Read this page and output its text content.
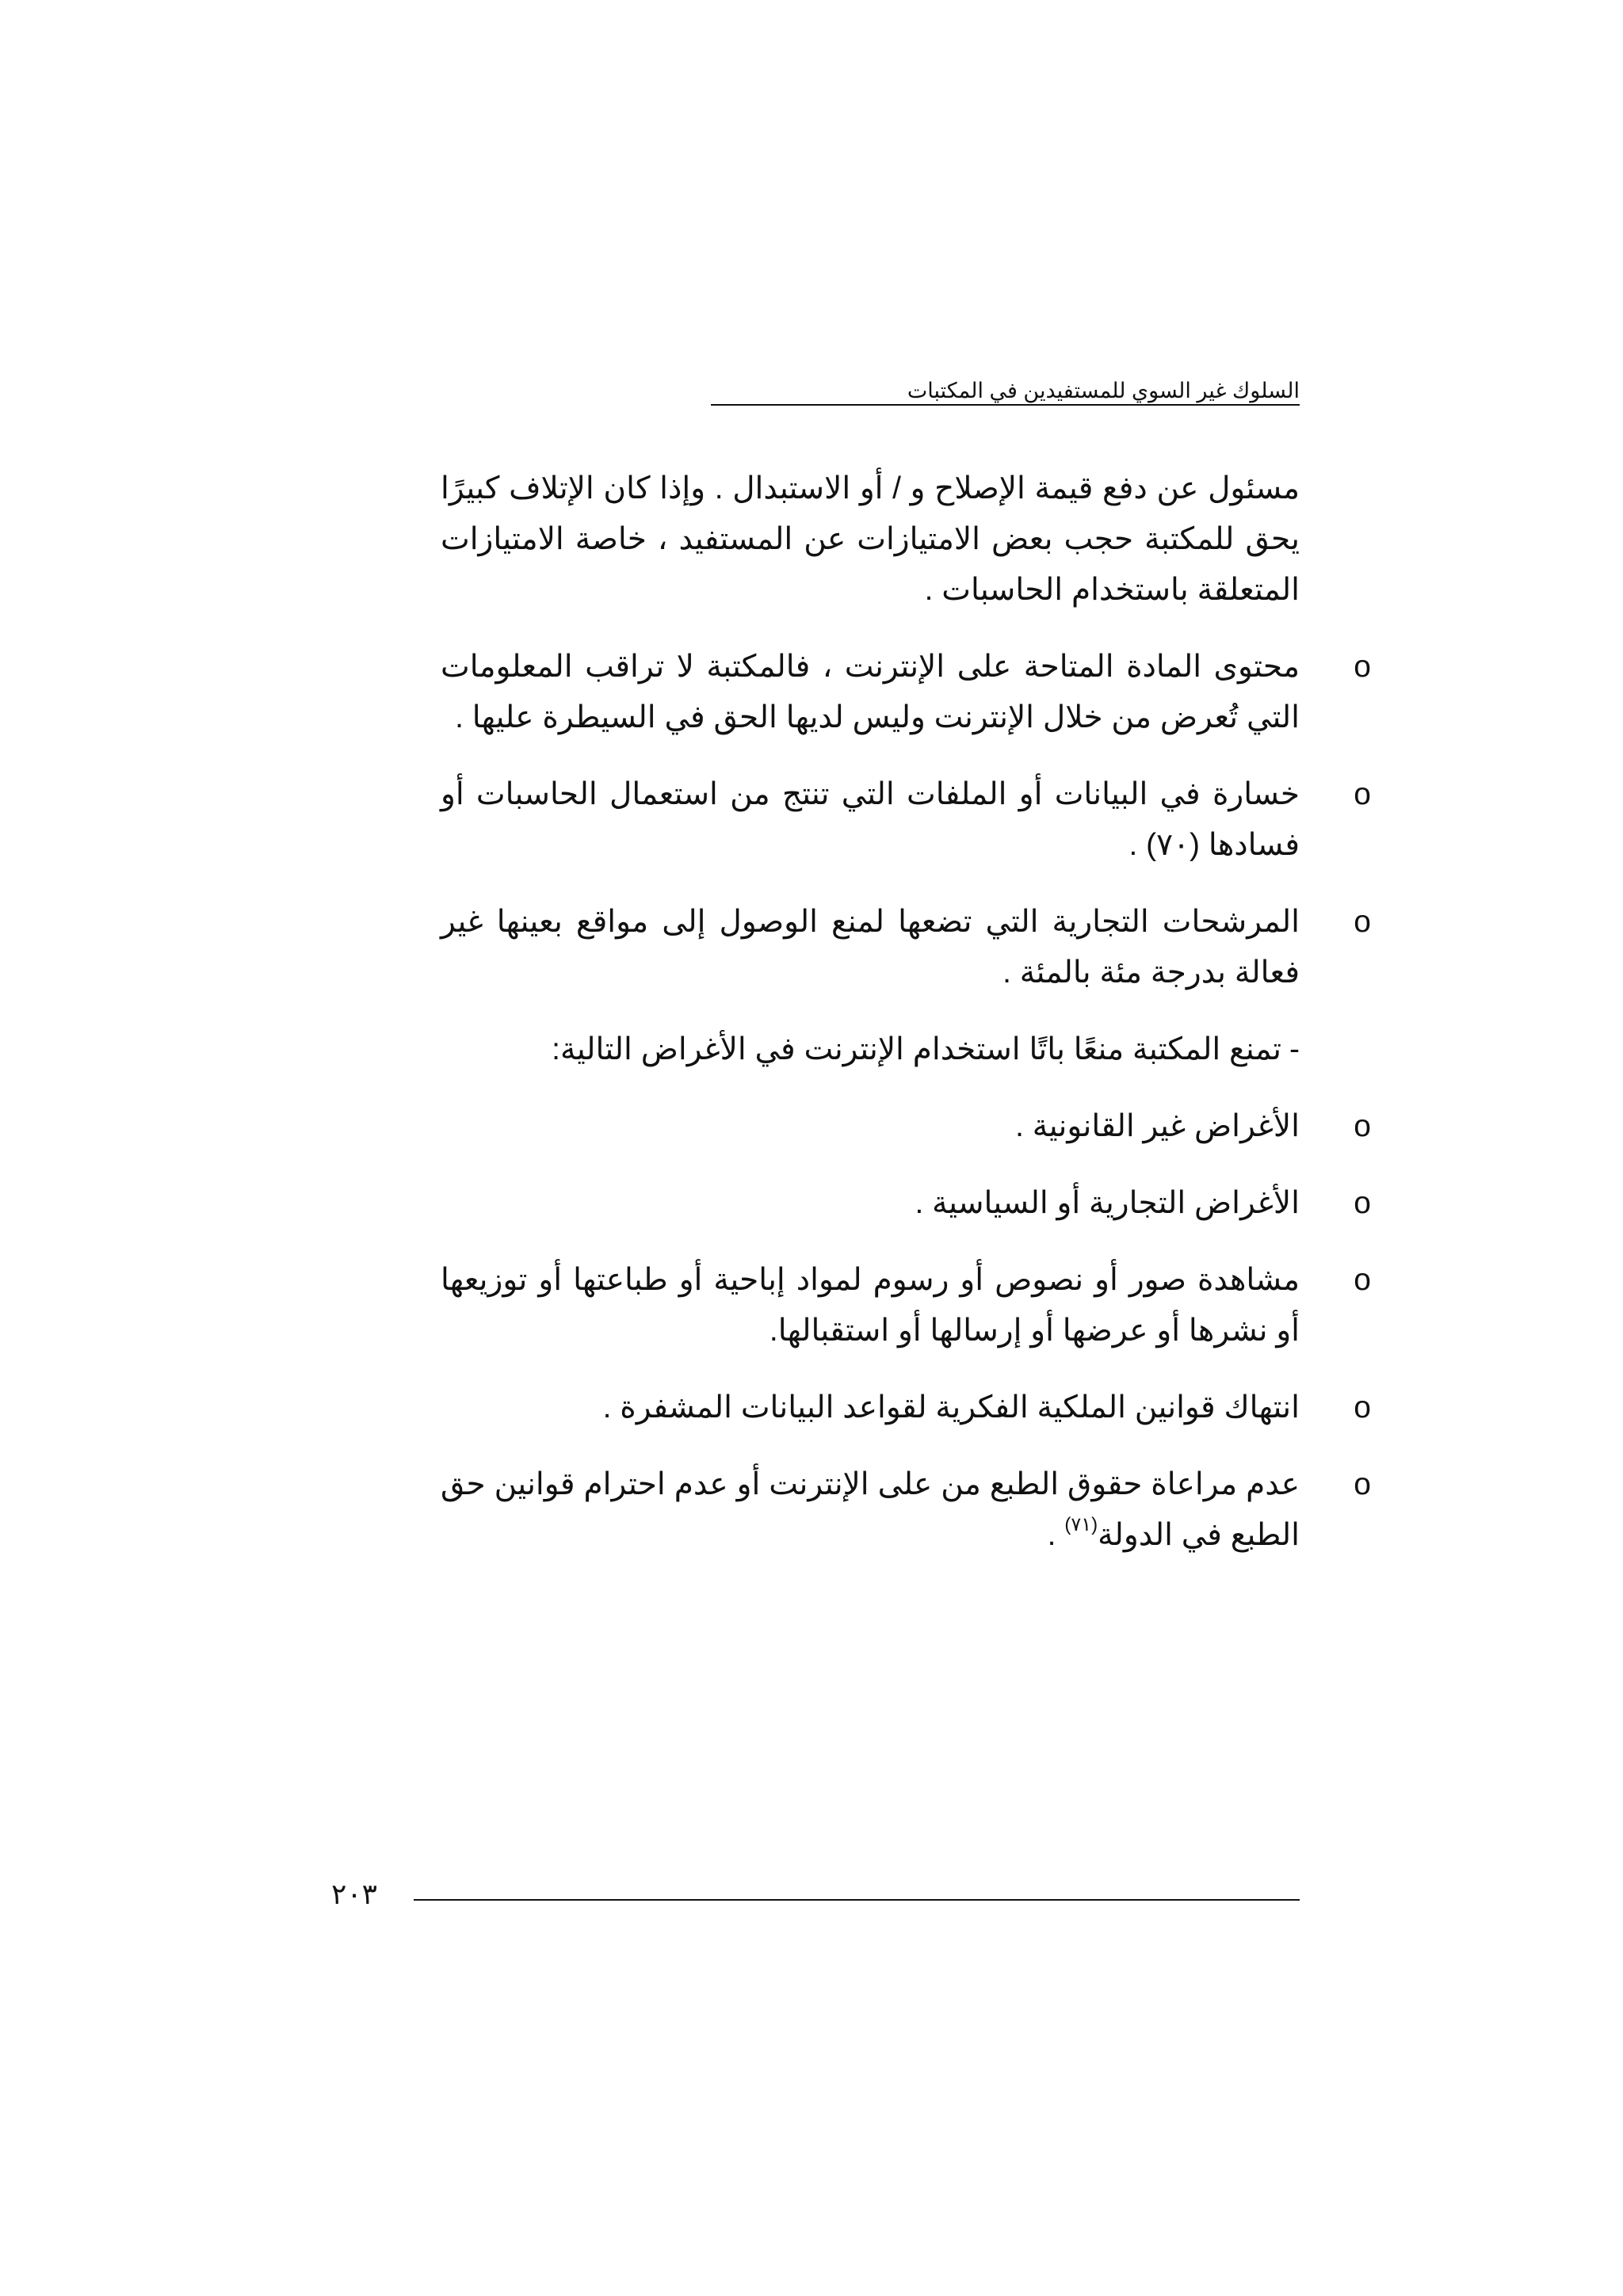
السلوك غير السوي للمستفيدين في المكتبات

مسئول عن دفع قيمة الإصلاح و / أو الاستبدال . وإذا كان الإتلاف كبيرًا يحق للمكتبة حجب بعض الامتيازات عن المستفيد ، خاصة الامتيازات المتعلقة باستخدام الحاسبات .

o
محتوى المادة المتاحة على الإنترنت ، فالمكتبة لا تراقب المعلومات التي تُعرض من خلال الإنترنت وليس لديها الحق في السيطرة عليها .
o
خسارة في البيانات أو الملفات التي تنتج من استعمال الحاسبات أو فسادها (٧٠) .
o
المرشحات التجارية التي تضعها لمنع الوصول إلى مواقع بعينها غير فعالة بدرجة مئة بالمئة .
-تمنع المكتبة منعًا باتًا استخدام الإنترنت في الأغراض التالية:
o
الأغراض غير القانونية .
o
الأغراض التجارية أو السياسية .
o
مشاهدة صور أو نصوص أو رسوم لمواد إباحية أو طباعتها أو توزيعها أو نشرها أو عرضها أو إرسالها أو استقبالها.
o
انتهاك قوانين الملكية الفكرية لقواعد البيانات المشفرة .
o
عدم مراعاة حقوق الطبع من على الإنترنت أو عدم احترام قوانين حق الطبع في الدولة$^{(٧١)}$ .
٢٠٣
